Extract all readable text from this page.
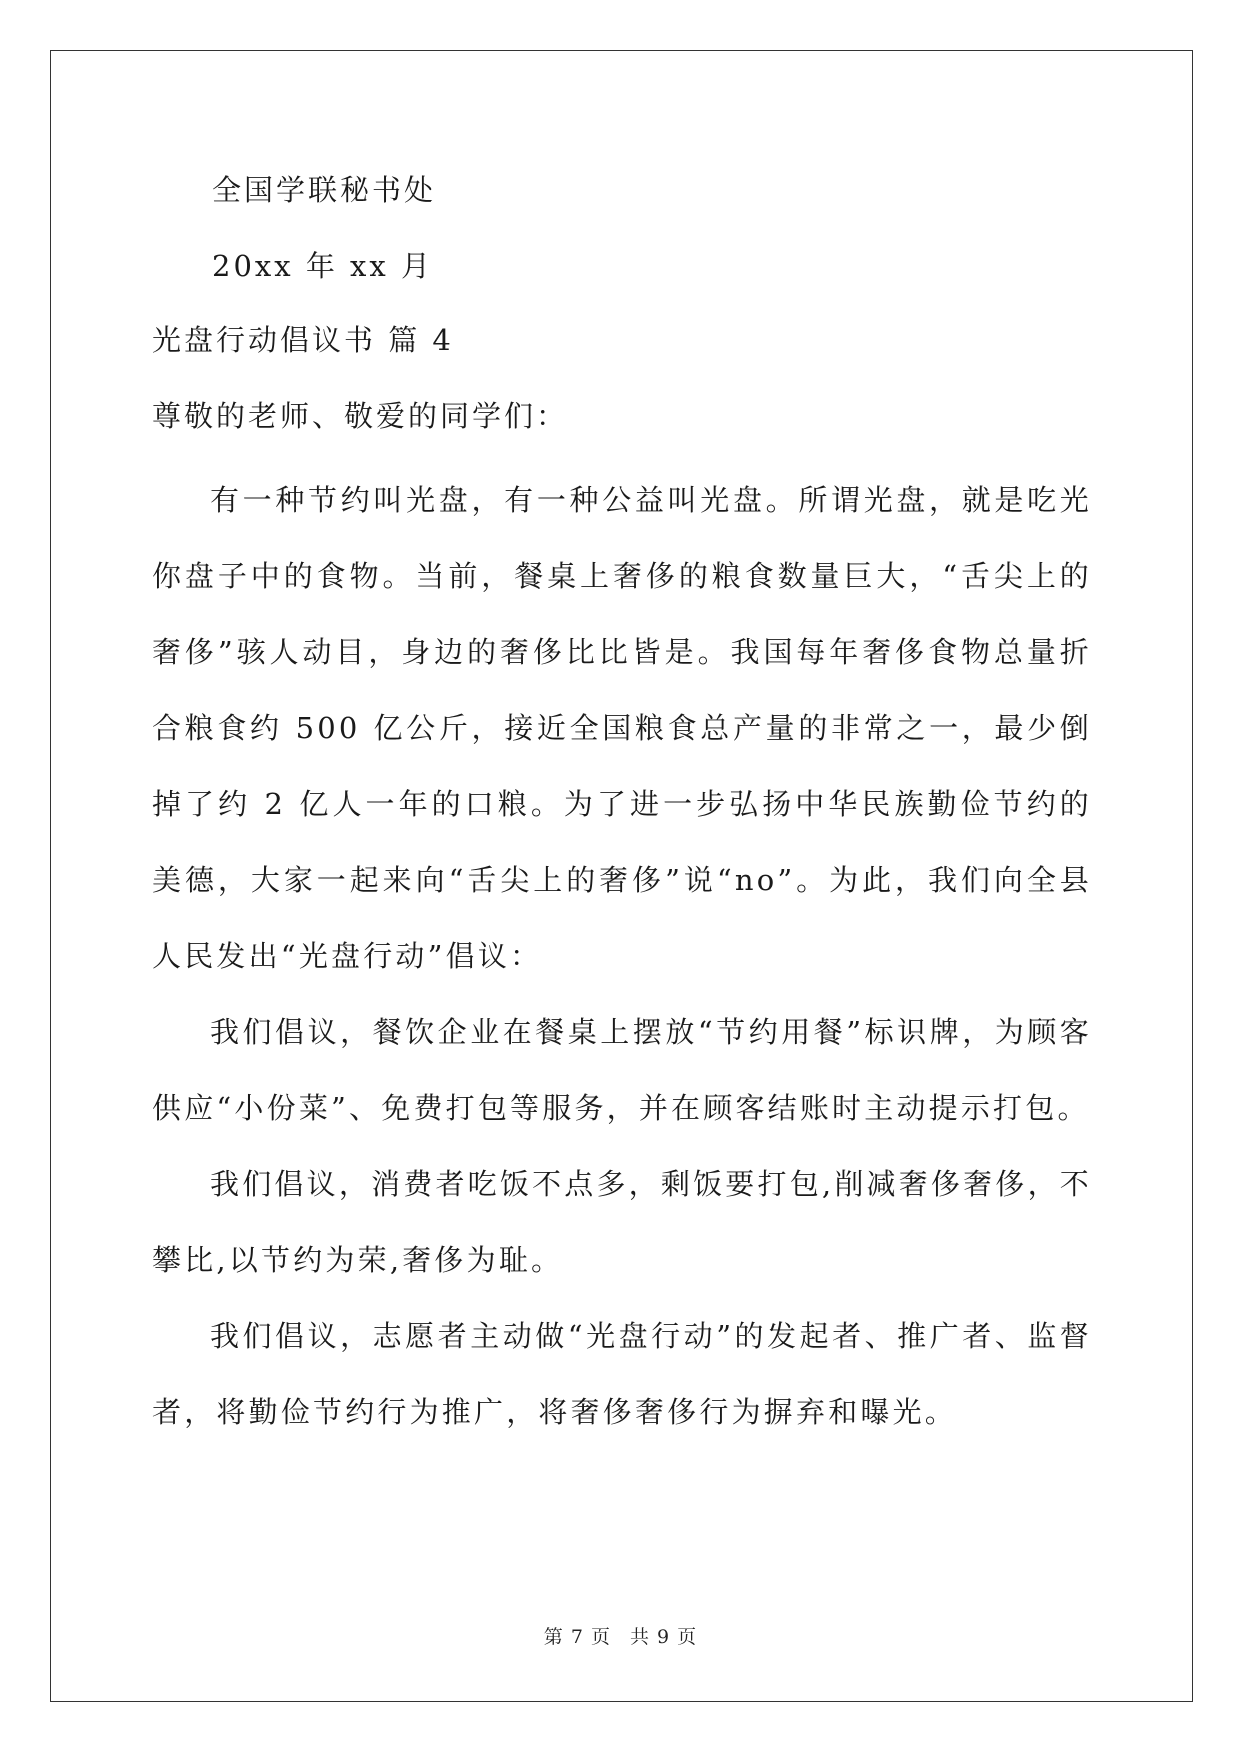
全国学联秘书处
20xx 年 xx 月
光盘行动倡议书 篇 4
尊敬的老师、敬爱的同学们：

有一种节约叫光盘，有一种公益叫光盘。所谓光盘，就是吃光你盘子中的食物。当前，餐桌上奢侈的粮食数量巨大，“舌尖上的奢侈”骇人动目，身边的奢侈比比皆是。我国每年奢侈食物总量折合粮食约 500 亿公斤，接近全国粮食总产量的非常之一，最少倒掉了约 2 亿人一年的口粮。为了进一步弘扬中华民族勤俭节约的美德，大家一起来向“舌尖上的奢侈”说“no”。为此，我们向全县人民发出“光盘行动”倡议：

我们倡议，餐饮企业在餐桌上摆放“节约用餐”标识牌，为顾客供应“小份菜”、免费打包等服务，并在顾客结账时主动提示打包。

我们倡议，消费者吃饭不点多，剩饭要打包,削减奢侈奢侈，不攀比,以节约为荣,奢侈为耻。

我们倡议，志愿者主动做“光盘行动”的发起者、推广者、监督者，将勤俭节约行为推广，将奢侈奢侈行为摒弃和曝光。

第 7 页 共 9 页
